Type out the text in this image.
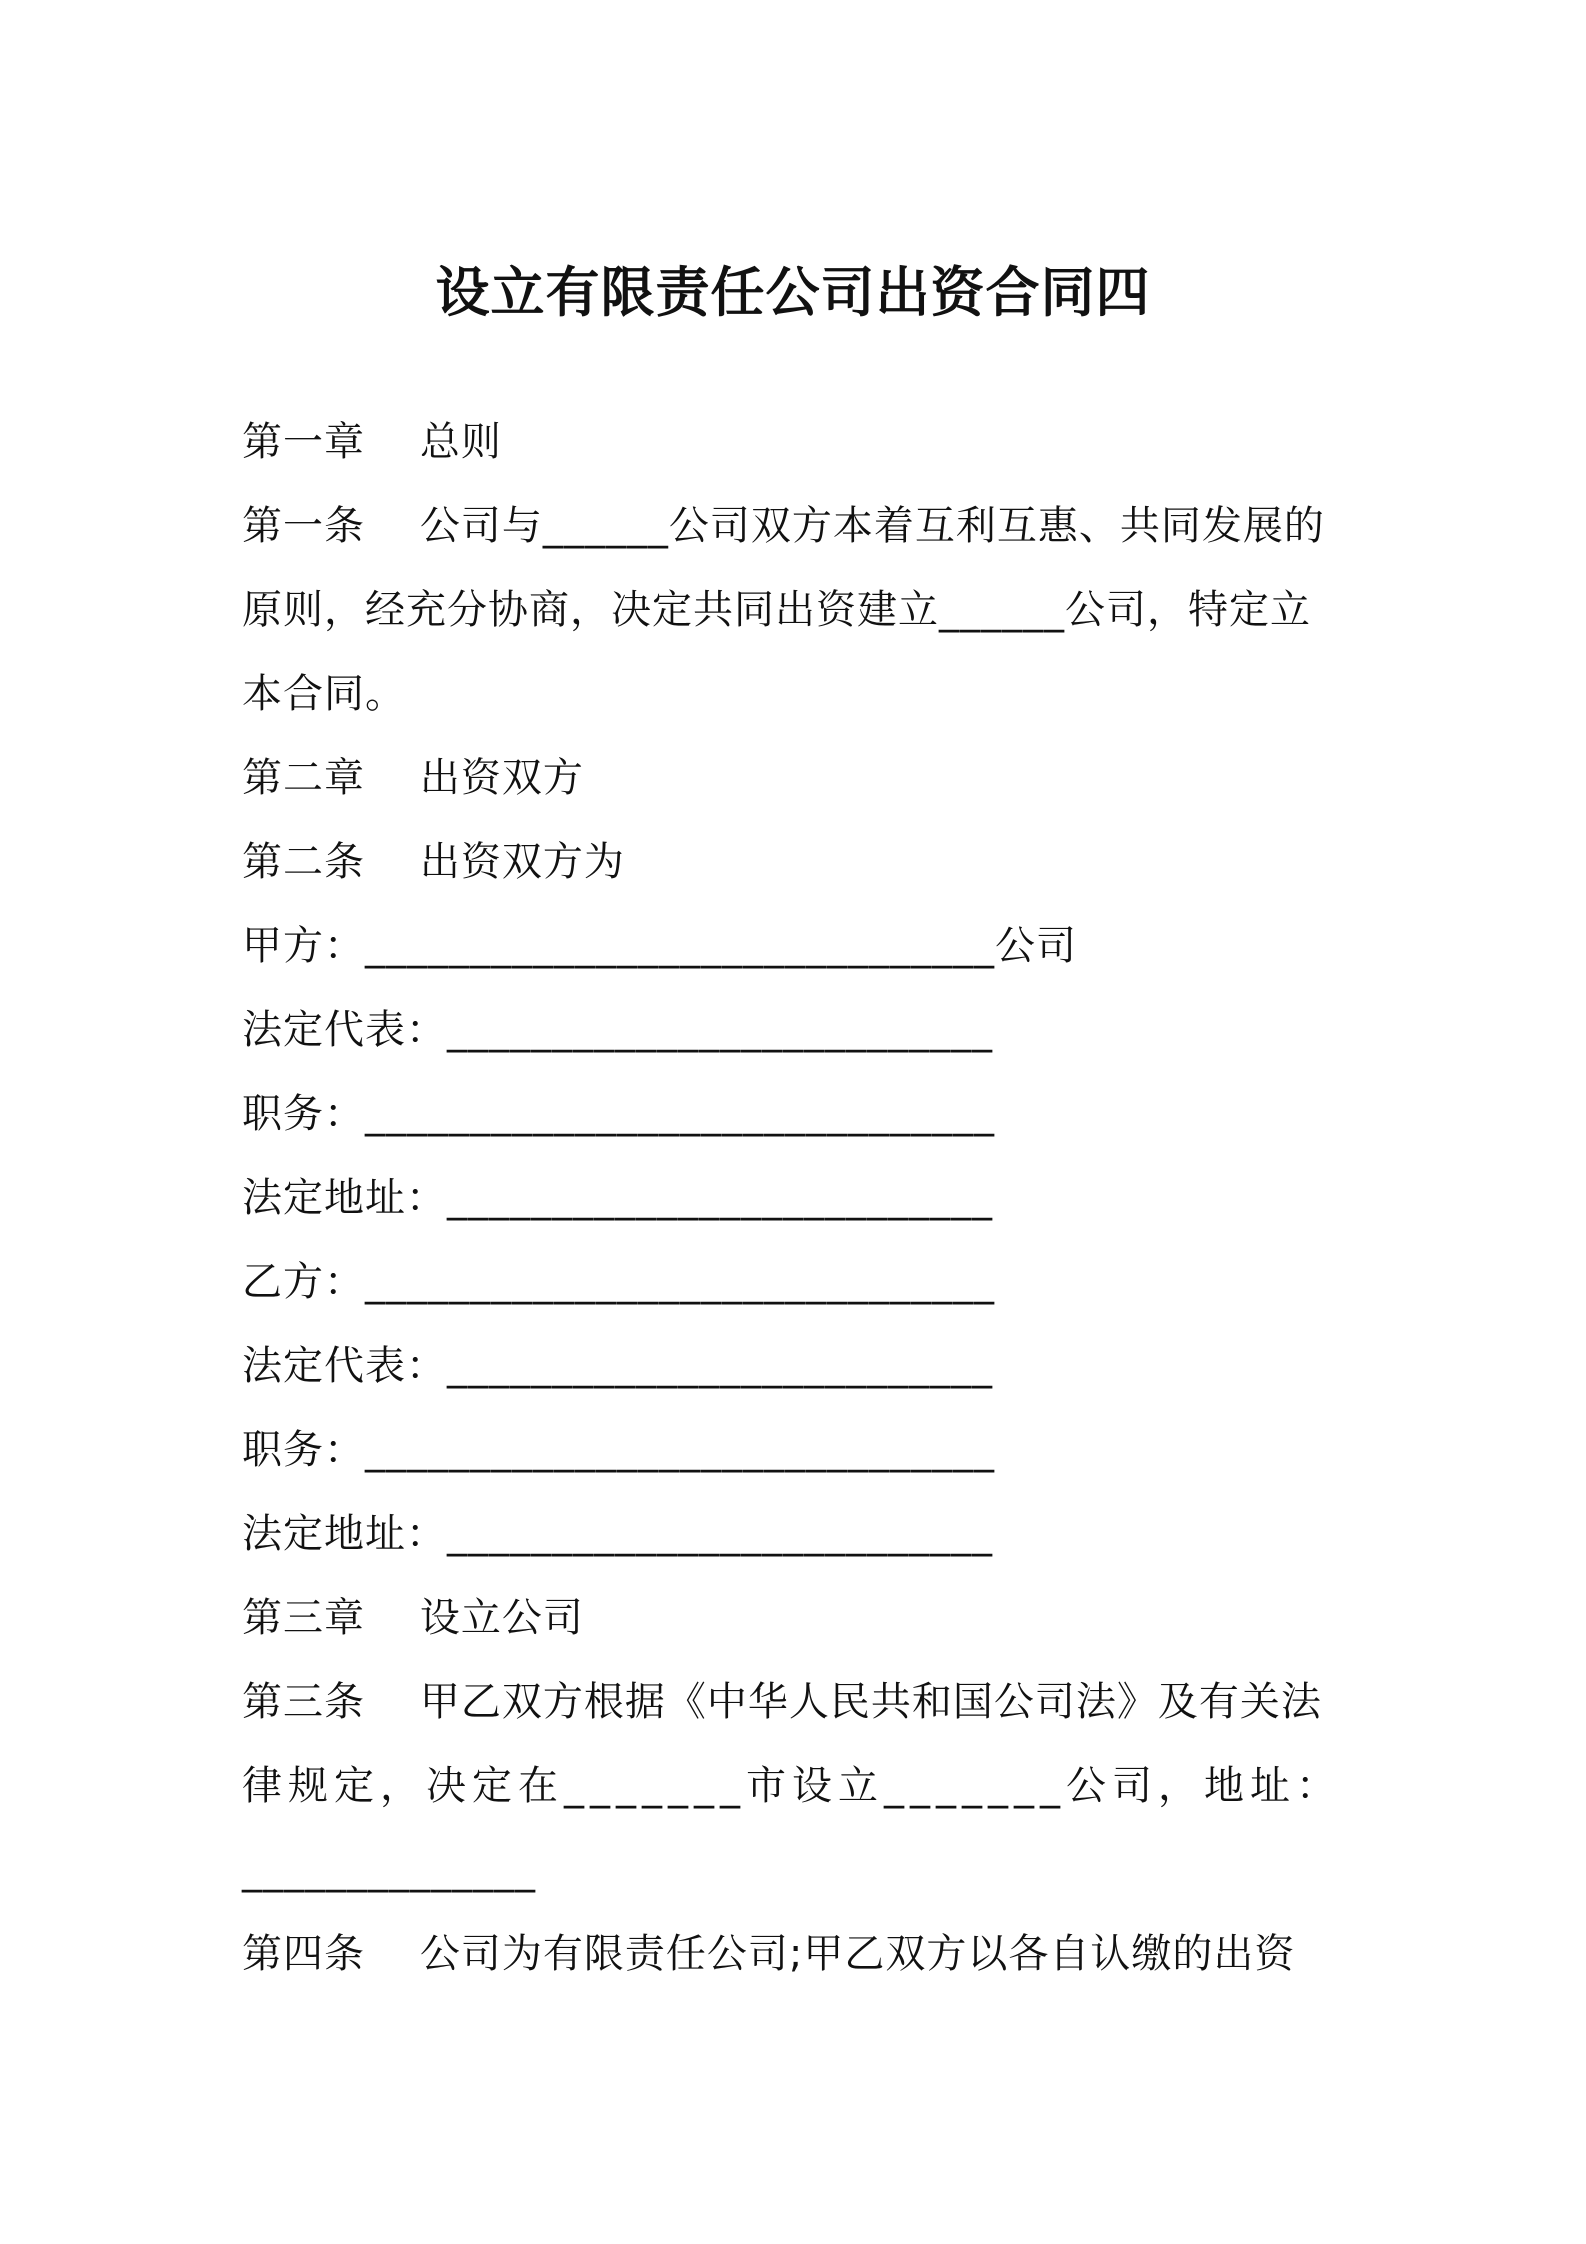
设立有限责任公司出资合同四
第一章    总则
第一条    公司与______公司双方本着互利互惠、共同发展的
原则，经充分协商，决定共同出资建立______公司，特定立
本合同。
第二章    出资双方
第二条    出资双方为
甲方：______________________________公司
法定代表：__________________________
职务：______________________________
法定地址：__________________________
乙方：______________________________
法定代表：__________________________
职务：______________________________
法定地址：__________________________
第三章    设立公司
第三条    甲乙双方根据《中华人民共和国公司法》及有关法
律规定，决定在_______市设立_______公司，地址：
______________
第四条    公司为有限责任公司;甲乙双方以各自认缴的出资
